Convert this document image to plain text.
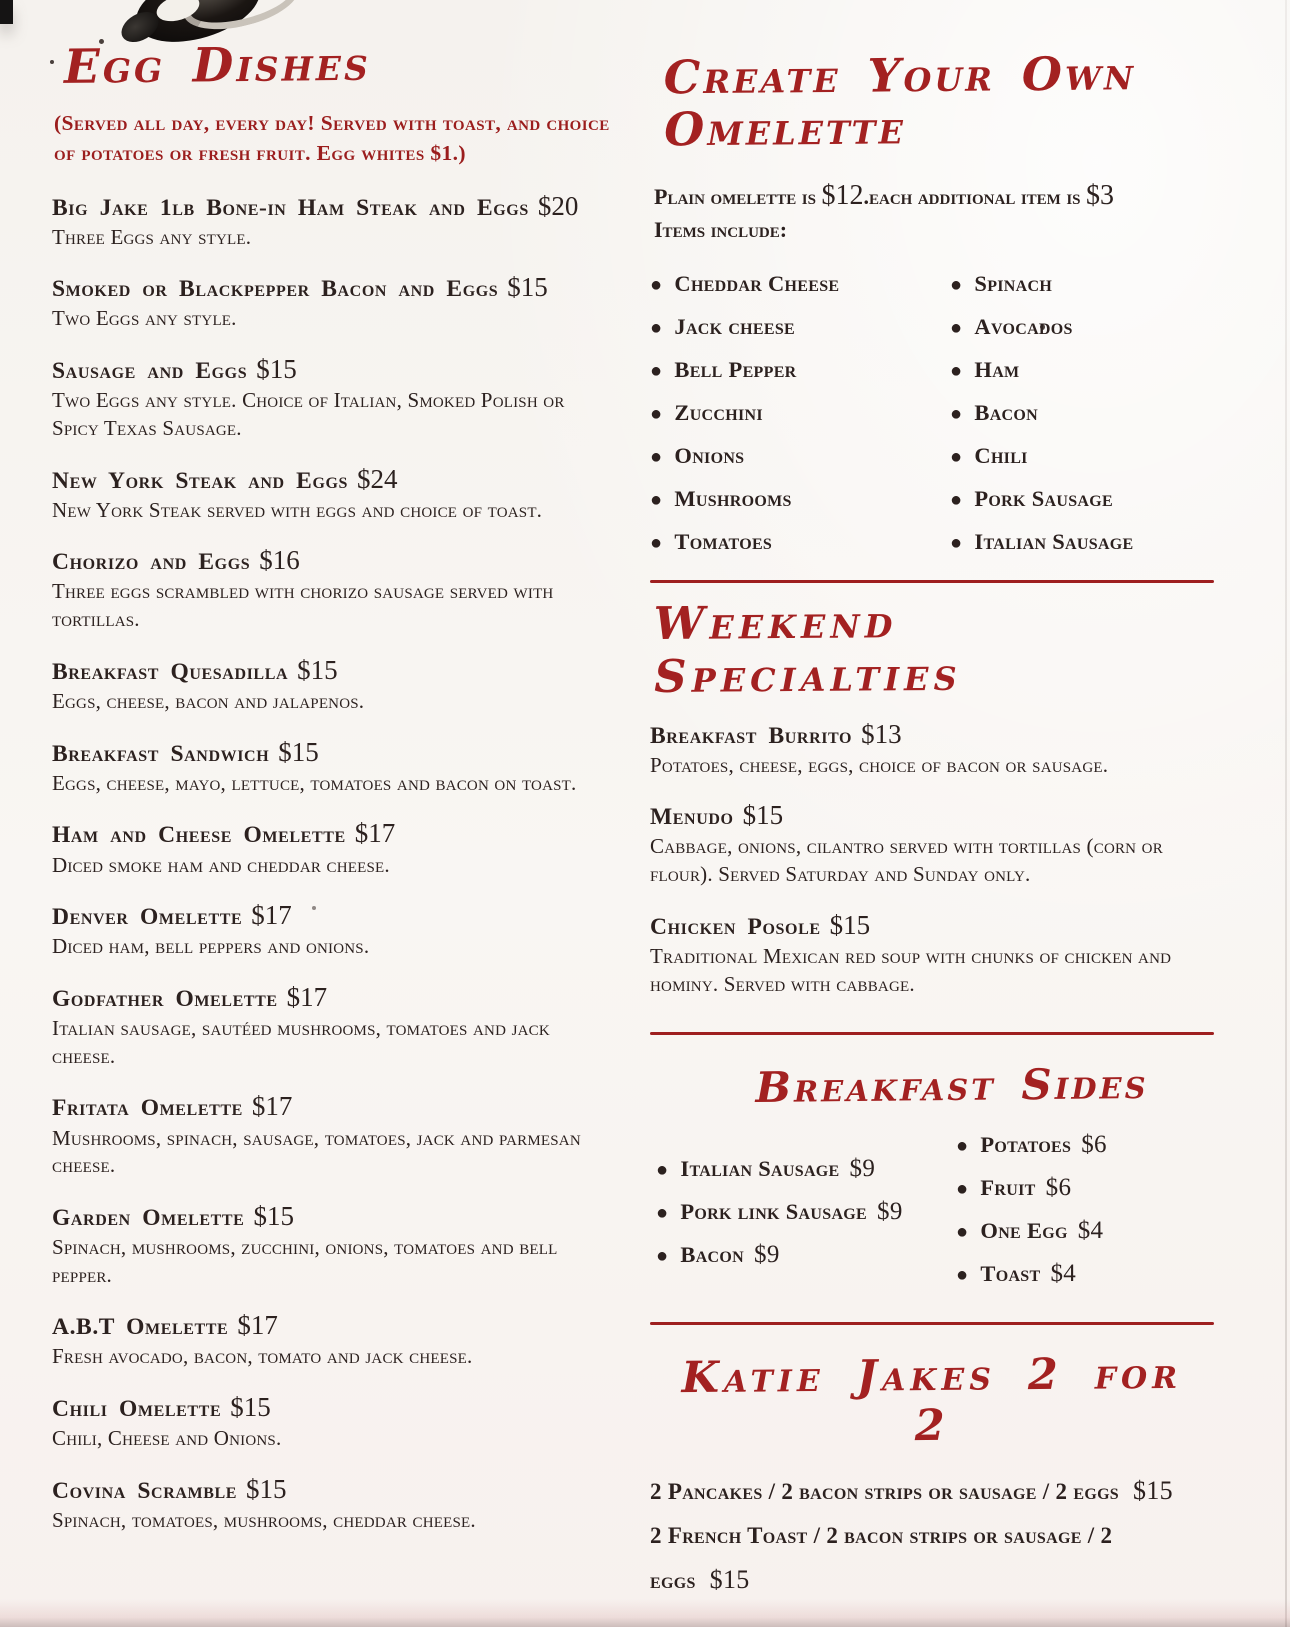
Egg Dishes
(Served all day, every day! Served with toast, and choice of potatoes or fresh fruit. Egg whites $1.)
Big Jake 1lb Bone-in Ham Steak and Eggs $20
Three Eggs any style.
Smoked or Blackpepper Bacon and Eggs $15
Two Eggs any style.
Sausage and Eggs $15
Two Eggs any style. Choice of Italian, Smoked Polish or Spicy Texas Sausage.
New York Steak and Eggs $24
New York Steak served with eggs and choice of toast.
Chorizo and Eggs $16
Three eggs scrambled with chorizo sausage served with tortillas.
Breakfast Quesadilla $15
Eggs, cheese, bacon and jalapenos.
Breakfast Sandwich $15
Eggs, cheese, mayo, lettuce, tomatoes and bacon on toast.
Ham and Cheese Omelette $17
Diced smoke ham and cheddar cheese.
Denver Omelette $17
Diced ham, bell peppers and onions.
Godfather Omelette $17
Italian sausage, sautéed mushrooms, tomatoes and jack cheese.
Fritata Omelette $17
Mushrooms, spinach, sausage, tomatoes, jack and parmesan cheese.
Garden Omelette $15
Spinach, mushrooms, zucchini, onions, tomatoes and bell pepper.
A.B.T Omelette $17
Fresh avocado, bacon, tomato and jack cheese.
Chili Omelette $15
Chili, Cheese and Onions.
Covina Scramble $15
Spinach, tomatoes, mushrooms, cheddar cheese.
Create Your Own
Omelette
Plain omelette is $12.each additional item is $3
Items include:
● Cheddar Cheese
● Jack cheese
● Bell Pepper
● Zucchini
● Onions
● Mushrooms
● Tomatoes
● Spinach
● Avocados
● Ham
● Bacon
● Chili
● Pork Sausage
● Italian Sausage
Weekend Specialties
Breakfast Burrito $13
Potatoes, cheese, eggs, choice of bacon or sausage.
Menudo $15
Cabbage, onions, cilantro served with tortillas (corn or flour). Served Saturday and Sunday only.
Chicken Posole $15
Traditional Mexican red soup with chunks of chicken and hominy. Served with cabbage.
Breakfast Sides
● Italian Sausage $9
● Pork link Sausage $9
● Bacon $9
● Potatoes $6
● Fruit $6
● One Egg $4
● Toast $4
Katie Jakes 2 for 2
2 Pancakes / 2 bacon strips or sausage / 2 eggs $15
2 French Toast / 2 bacon strips or sausage / 2 eggs $15
